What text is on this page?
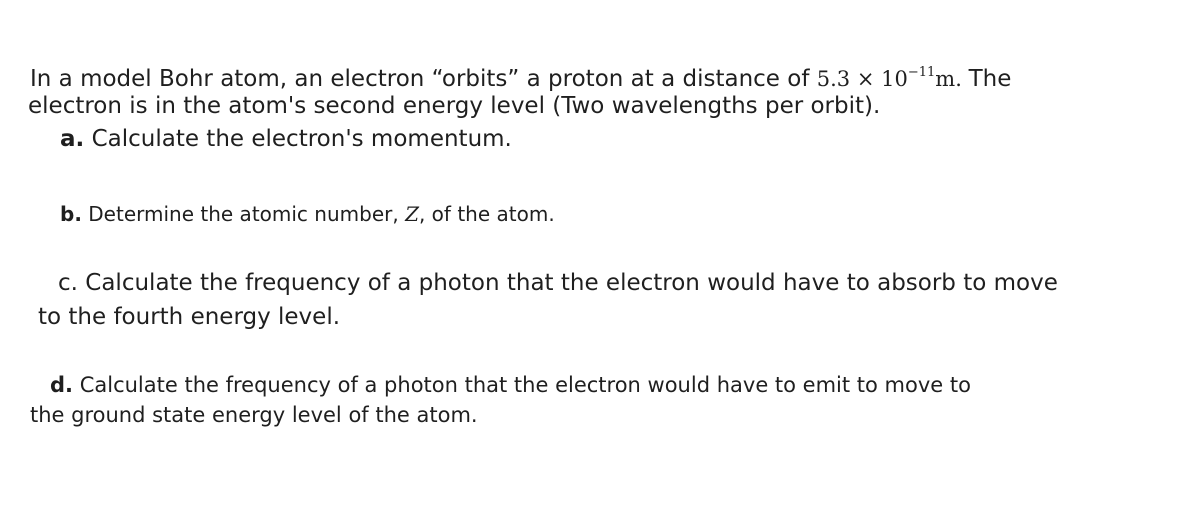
In a model Bohr atom, an electron “orbits” a proton at a distance of $5.3 \times 10^{-11}m$. The
electron is in the atom's second energy level (Two wavelengths per orbit).
a. Calculate the electron's momentum.
b. Determine the atomic number, Z, of the atom.
c. Calculate the frequency of a photon that the electron would have to absorb to move
to the fourth energy level.
d. Calculate the frequency of a photon that the electron would have to emit to move to
the ground state energy level of the atom.
